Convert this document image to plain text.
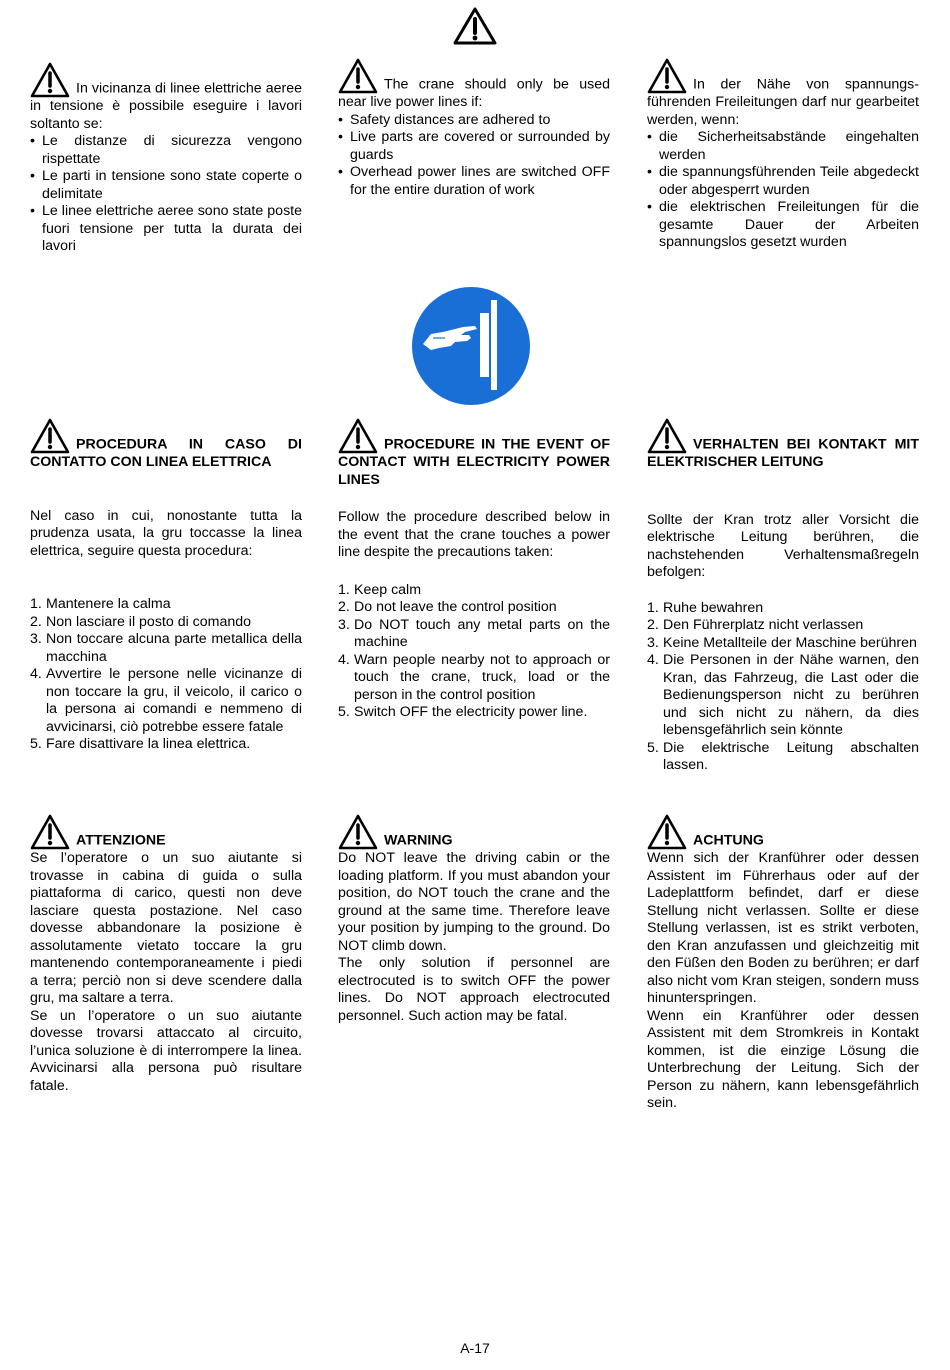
In vicinanza di linee elettriche aeree in tensione è possibile eseguire i lavori soltanto se:
• Le distanze di sicurezza vengono rispettate
• Le parti in tensione sono state coperte o delimitate
• Le linee elettriche aeree sono state poste fuori tensione per tutta la durata dei lavori
The crane should only be used near live power lines if:
• Safety distances are adhered to
• Live parts are covered or surrounded by guards
• Overhead power lines are switched OFF for the entire duration of work
In der Nähe von spannungsführenden Freileitungen darf nur gearbeitet werden, wenn:
• die Sicherheitsabstände eingehalten werden
• die spannungsführenden Teile abgedeckt oder abgesperrt wurden
• die elektrischen Freileitungen für die gesamte Dauer der Arbeiten spannungslos gesetzt wurden
PROCEDURA IN CASO DI CONTATTO CON LINEA ELETTRICA
Nel caso in cui, nonostante tutta la prudenza usata, la gru toccasse la linea elettrica, seguire questa procedura:
1. Mantenere la calma
2. Non lasciare il posto di comando
3. Non toccare alcuna parte metallica della macchina
4. Avvertire le persone nelle vicinanze di non toccare la gru, il veicolo, il carico o la persona ai comandi e nemmeno di avvicinarsi, ciò potrebbe essere fatale
5. Fare disattivare la linea elettrica.
PROCEDURE IN THE EVENT OF CONTACT WITH ELECTRICITY POWER LINES
Follow the procedure described below in the event that the crane touches a power line despite the precautions taken:
1. Keep calm
2. Do not leave the control position
3. Do NOT touch any metal parts on the machine
4. Warn people nearby not to approach or touch the crane, truck, load or the person in the control position
5. Switch OFF the electricity power line.
VERHALTEN BEI KONTAKT MIT ELEKTRISCHER LEITUNG
Sollte der Kran trotz aller Vorsicht die elektrische Leitung berühren, die nachstehenden Verhaltensmaßregeln befolgen:
1. Ruhe bewahren
2. Den Führerplatz nicht verlassen
3. Keine Metallteile der Maschine berühren
4. Die Personen in der Nähe warnen, den Kran, das Fahrzeug, die Last oder die Bedienungsperson nicht zu berühren und sich nicht zu nähern, da dies lebensgefährlich sein könnte
5. Die elektrische Leitung abschalten lassen.
ATTENZIONE
Se l’operatore o un suo aiutante si trovasse in cabina di guida o sulla piattaforma di carico, questi non deve lasciare questa postazione. Nel caso dovesse abbandonare la posizione è assolutamente vietato toccare la gru mantenendo contemporaneamente i piedi a terra; perciò non si deve scendere dalla gru, ma saltare a terra.
Se un l’operatore o un suo aiutante dovesse trovarsi attaccato al circuito, l’unica soluzione è di interrompere la linea. Avvicinarsi alla persona può risultare fatale.
WARNING
Do NOT leave the driving cabin or the loading platform. If you must abandon your position, do NOT touch the crane and the ground at the same time. Therefore leave your position by jumping to the ground. Do NOT climb down.
The only solution if personnel are electrocuted is to switch OFF the power lines. Do NOT approach electrocuted personnel. Such action may be fatal.
ACHTUNG
Wenn sich der Kranführer oder dessen Assistent im Führerhaus oder auf der Ladeplattform befindet, darf er diese Stellung nicht verlassen. Sollte er diese Stellung verlassen, ist es strikt verboten, den Kran anzufassen und gleichzeitig mit den Füßen den Boden zu berühren; er darf also nicht vom Kran steigen, sondern muss hinunterspringen.
Wenn ein Kranführer oder dessen Assistent mit dem Stromkreis in Kontakt kommen, ist die einzige Lösung die Unterbrechung der Leitung. Sich der Person zu nähern, kann lebensgefährlich sein.
A-17
